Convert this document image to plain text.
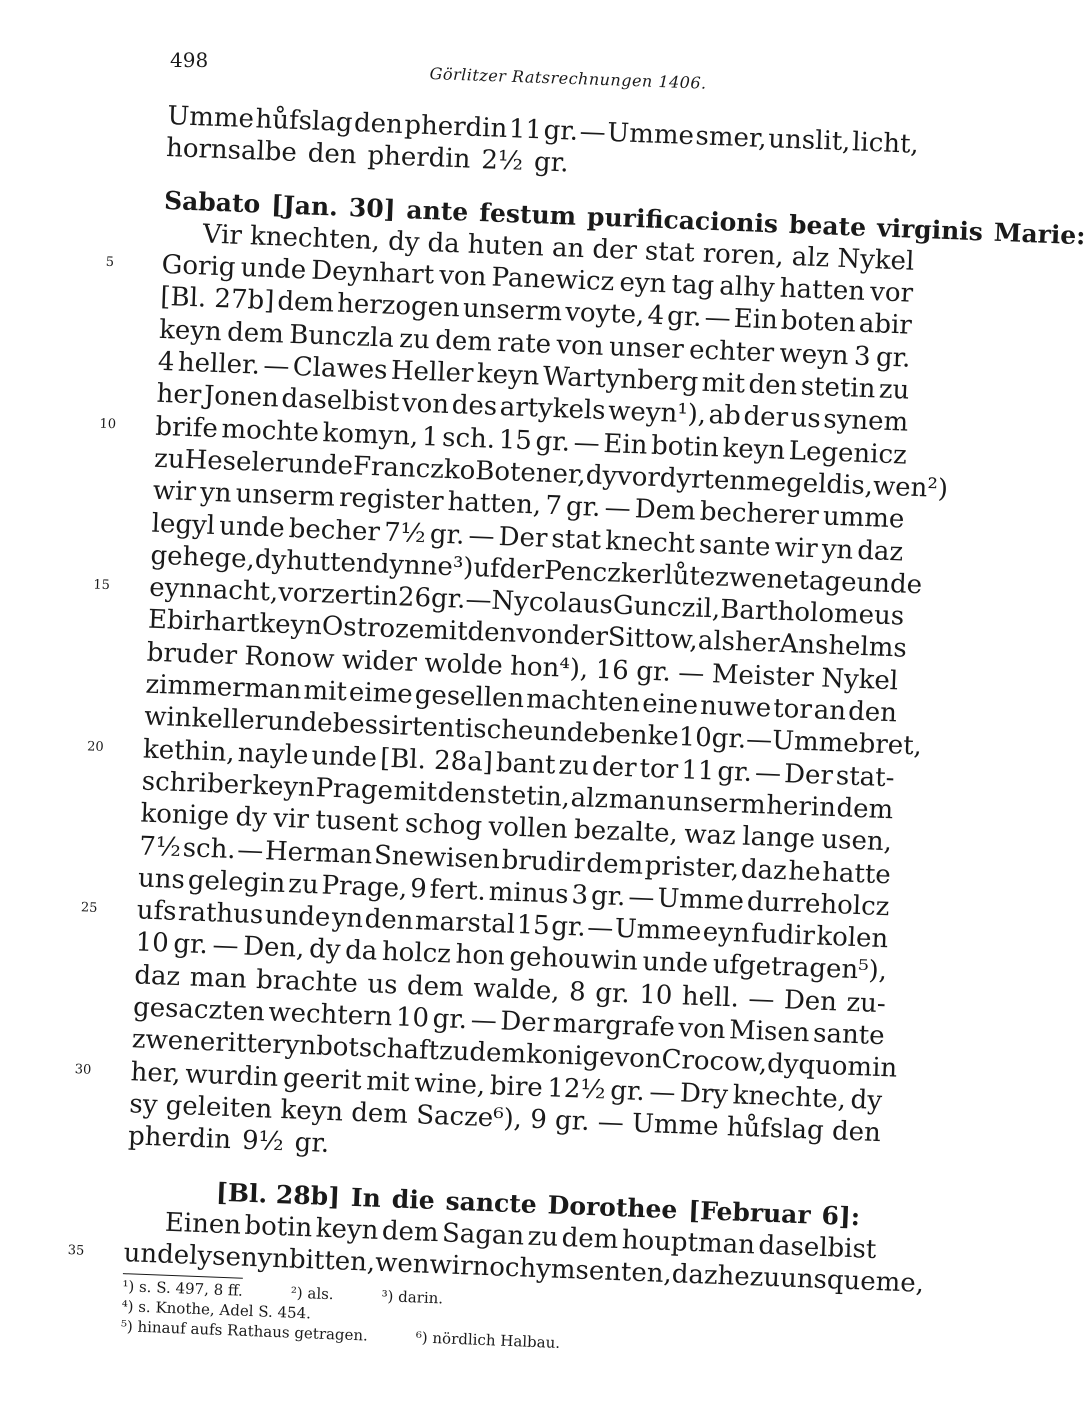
498
Görlitzer Ratsrechnungen 1406.
Umme hůfslag den pherdin 11 gr. — Umme smer, unslit, licht,
hornsalbe den pherdin 2½ gr.
Sabato [Jan. 30] ante festum purificacionis beate virginis Marie:
Vir knechten, dy da huten an der stat roren, alz Nykel
5 Gorig unde Deynhart von Panewicz eyn tag alhy hatten vor
[Bl. 27b] dem herzogen unserm voyte, 4 gr. — Ein boten abir
keyn dem Bunczla zu dem rate von unser echter weyn 3 gr.
4 heller. — Clawes Heller keyn Wartynberg mit den stetin zu
her Jonen daselbist von des artykels weyn¹), ab der us synem
10 brife mochte komyn, 1 sch. 15 gr. — Ein botin keyn Legenicz
zu
Heseler
unde
Franczko
Botener,
dy
vordyrten
me
geldis,
wen²)
wir yn unserm register hatten, 7 gr. — Dem becherer umme
legyl unde becher 7½ gr. — Der stat knecht sante wir yn daz
gehege,
dy
hutten
dynne³)
uf
der
Penczker
lůte
zwene
tage
unde
15 eyn
nacht,
vorzertin
26
gr.
—
Nycolaus
Gunczil,
Bartholomeus
Ebirhart
keyn
Ostroze
mit
den
von
der
Sittow,
als
her
Anshelms
bruder Ronow wider wolde hon⁴), 16 gr. — Meister Nykel
zimmerman mit eime gesellen machten eine nuwe tor an den
winkeller
unde
bessirten
tische
unde
benke
10
gr.
—
Umme
bret,
20 kethin, nayle unde [Bl. 28a] bant zu der tor 11 gr. — Der stat-
schriber keyn Prage mit den stetin, alz man unserm herin dem
konige dy vir tusent schog vollen bezalte, waz lange usen,
7½ sch. — Herman Snewisen brudir dem prister, daz he hatte
uns gelegin zu Prage, 9 fert. minus 3 gr. — Umme durreholcz
25 ufs rathus unde yn den marstal 15 gr. — Umme eyn fudir kolen
10 gr. — Den, dy da holcz hon gehouwin unde ufgetragen⁵),
daz man brachte us dem walde, 8 gr. 10 hell. — Den zu-
gesaczten wechtern 10 gr. — Der margrafe von Misen sante
zwene
ritter
yn
botschaft
zu
dem
konige
von
Crocow,
dy
quomin
30 her, wurdin geerit mit wine, bire 12½ gr. — Dry knechte, dy
sy geleiten keyn dem Sacze⁶), 9 gr. — Umme hůfslag den
pherdin 9½ gr.
[Bl. 28b] In die sancte Dorothee [Februar 6]:
Einen botin keyn dem Sagan zu dem houptman daselbist
35 unde
lysen
yn
bitten,
wen
wir
noch
ym
senten,
daz
he
zu
uns
queme,
¹) s. S. 497, 8 ff.	²) als.	³) darin.
⁴) s. Knothe, Adel S. 454.
⁵) hinauf aufs Rathaus getragen.	⁶) nördlich Halbau.
